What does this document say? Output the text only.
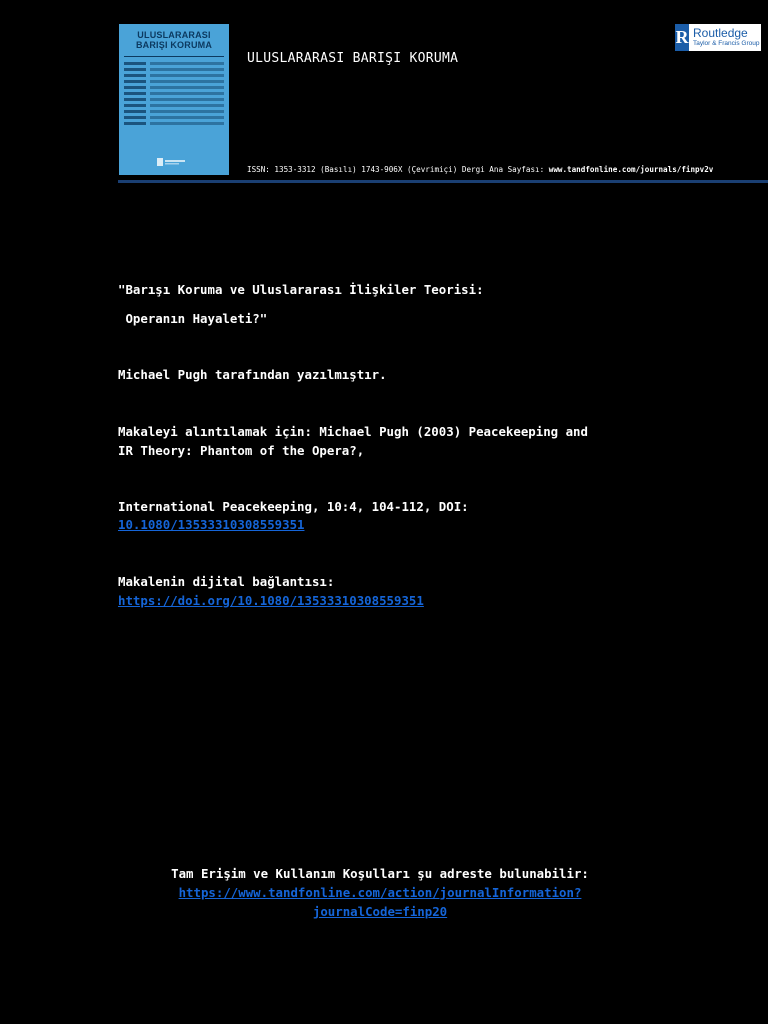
ULUSLARARASI
BARIŞI KORUMA
ULUSLARARASI BARIŞI KORUMA
ISSN: 1353-3312 (Basılı) 1743-906X (Çevrimiçi) Dergi Ana Sayfası: www.tandfonline.com/journals/finpv2v
R Routledge
Taylor & Francis Group
"Barışı Koruma ve Uluslararası İlişkiler Teorisi:
Operanın Hayaleti?"
Michael Pugh tarafından yazılmıştır.
Makaleyi alıntılamak için: Michael Pugh (2003) Peacekeeping and
IR Theory: Phantom of the Opera?,
International Peacekeeping, 10:4, 104-112, DOI:
10.1080/13533310308559351
Makalenin dijital bağlantısı:
https://doi.org/10.1080/13533310308559351
Tam Erişim ve Kullanım Koşulları şu adreste bulunabilir:
https://www.tandfonline.com/action/journalInformation?
journalCode=finp20
